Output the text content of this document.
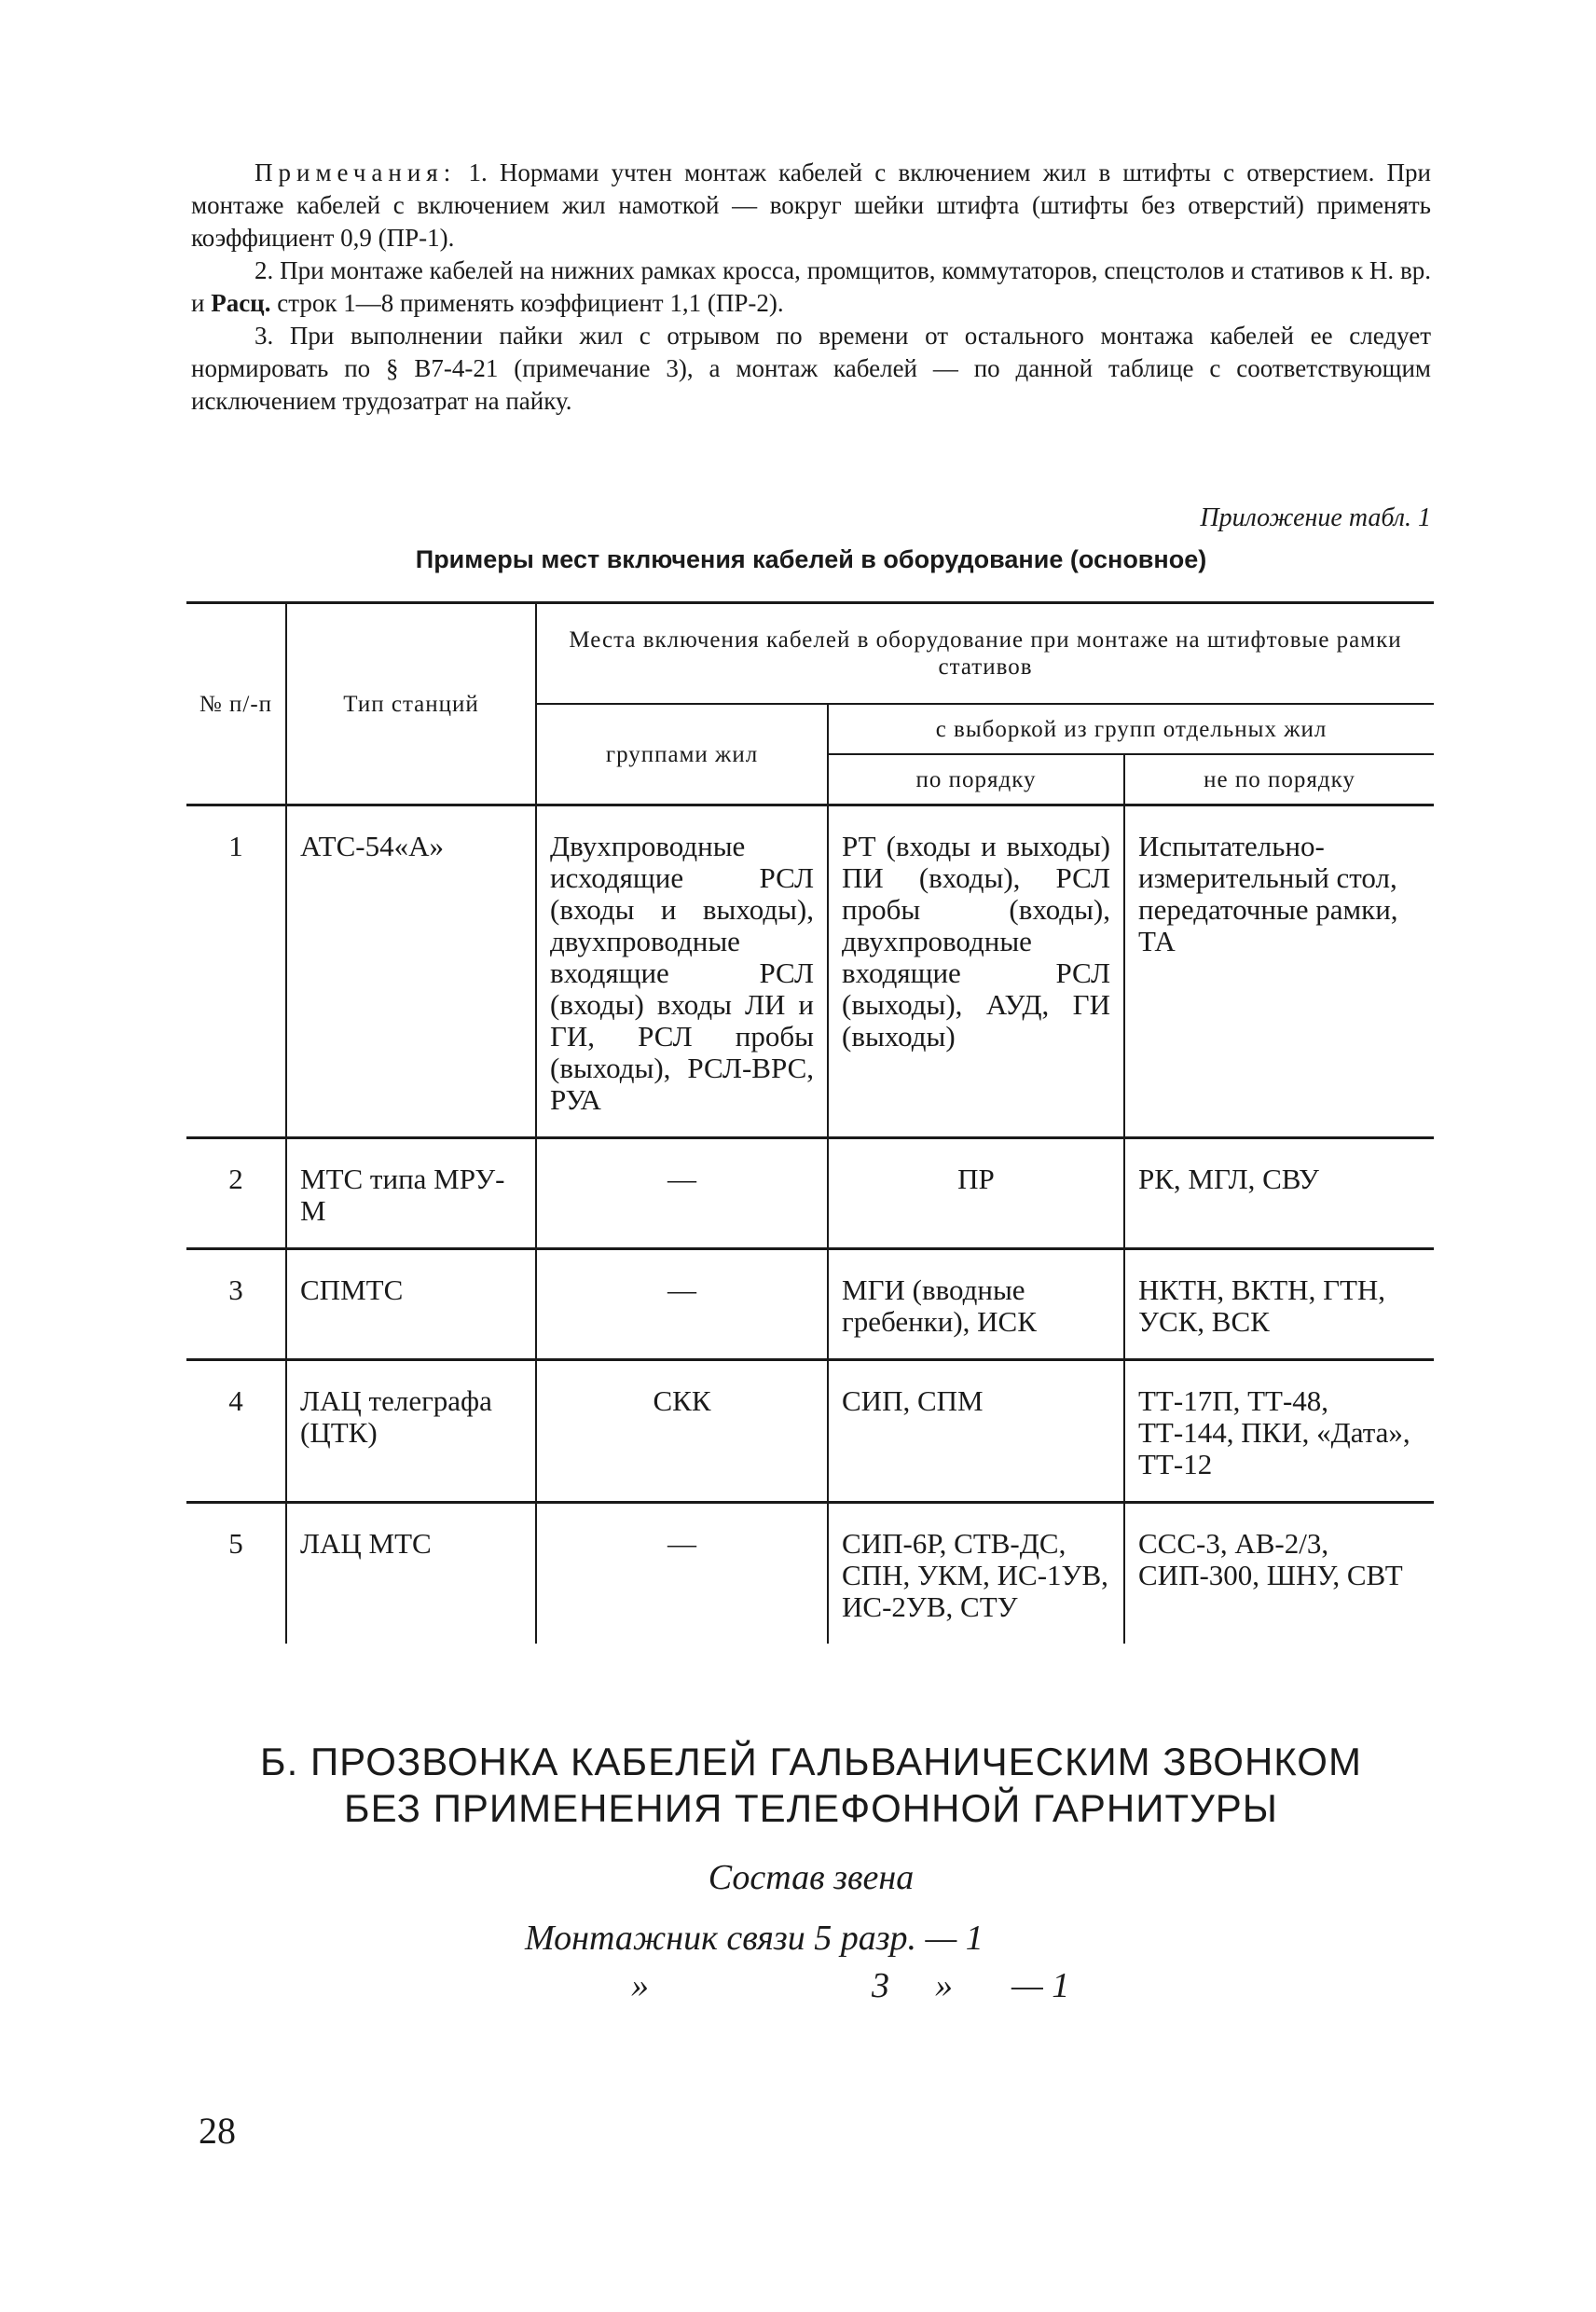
Примечания: 1. Нормами учтен монтаж кабелей с включением жил в штифты с отверстием. При монтаже кабелей с включением жил намоткой — вокруг шейки штифта (штифты без отверстий) применять коэффициент 0,9 (ПР-1).

2. При монтаже кабелей на нижних рамках кросса, промщитов, коммутаторов, спецстолов и стативов к Н. вр. и Расц. строк 1—8 применять коэффициент 1,1 (ПР-2).

3. При выполнении пайки жил с отрывом по времени от остального монтажа кабелей ее следует нормировать по § В7-4-21 (примечание 3), а монтаж кабелей — по данной таблице с соответствующим исключением трудозатрат на пайку.

Приложение табл. 1
Примеры мест включения кабелей в оборудование (основное)
№ п/-п	Тип станций	Места включения кабелей в оборудование при монтаже на штифтовые рамки стативов		
		группами жил	с выборкой из групп отдельных жил	
			по порядку	не по порядку
1	АТС-54«А»	Двухпроводные исходящие РСЛ (входы и выходы), двухпроводные входящие РСЛ (входы) входы ЛИ и ГИ, РСЛ пробы (выходы), РСЛ-ВРС, РУА	РТ (входы и выходы) ПИ (входы), РСЛ пробы (входы), двухпроводные входящие РСЛ (выходы), АУД, ГИ (выходы)	Испытательно-измерительный стол, передаточные рамки, ТА
2	МТС типа МРУ-М	—	ПР	РК, МГЛ, СВУ
3	СПМТС	—	МГИ (вводные гребенки), ИСК	НКТН, ВКТН, ГТН, УСК, ВСК
4	ЛАЦ телеграфа (ЦТК)	СКК	СИП, СПМ	ТТ-17П, ТТ-48, ТТ-144, ПКИ, «Дата», ТТ-12
5	ЛАЦ МТС	—	СИП-6Р, СТВ-ДС, СПН, УКМ, ИС-1УВ, ИС-2УВ, СТУ	ССС-3, АВ-2/3, СИП-300, ШНУ, СВТ
Б. ПРОЗВОНКА КАБЕЛЕЙ ГАЛЬВАНИЧЕСКИМ ЗВОНКОМ
БЕЗ ПРИМЕНЕНИЯ ТЕЛЕФОННОЙ ГАРНИТУРЫ
Состав звена
Монтажник связи 5 разр. — 1
»	3 » — 1
28
